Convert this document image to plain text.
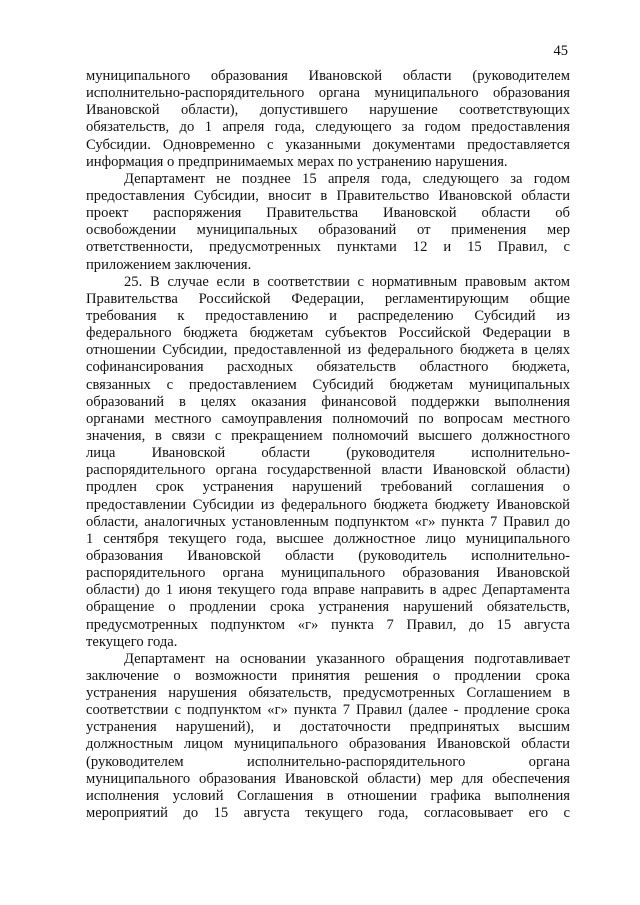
45
муниципального образования Ивановской области (руководителем
исполнительно-распорядительного органа муниципального образования
Ивановской области), допустившего нарушение соответствующих
обязательств, до 1 апреля года, следующего за годом предоставления
Субсидии. Одновременно с указанными документами предоставляется
информация о предпринимаемых мерах по устранению нарушения.
Департамент не позднее 15 апреля года, следующего за годом
предоставления Субсидии, вносит в Правительство Ивановской области
проект распоряжения Правительства Ивановской области об
освобождении муниципальных образований от применения мер
ответственности, предусмотренных пунктами 12 и 15 Правил, с
приложением заключения.
25. В случае если в соответствии с нормативным правовым актом
Правительства Российской Федерации, регламентирующим общие
требования к предоставлению и распределению Субсидий из
федерального бюджета бюджетам субъектов Российской Федерации в
отношении Субсидии, предоставленной из федерального бюджета в целях
софинансирования расходных обязательств областного бюджета,
связанных с предоставлением Субсидий бюджетам муниципальных
образований в целях оказания финансовой поддержки выполнения
органами местного самоуправления полномочий по вопросам местного
значения, в связи с прекращением полномочий высшего должностного
лица Ивановской области (руководителя исполнительно-
распорядительного органа государственной власти Ивановской области)
продлен срок устранения нарушений требований соглашения о
предоставлении Субсидии из федерального бюджета бюджету Ивановской
области, аналогичных установленным подпунктом «г» пункта 7 Правил до
1 сентября текущего года, высшее должностное лицо муниципального
образования Ивановской области (руководитель исполнительно-
распорядительного органа муниципального образования Ивановской
области) до 1 июня текущего года вправе направить в адрес Департамента
обращение о продлении срока устранения нарушений обязательств,
предусмотренных подпунктом «г» пункта 7 Правил, до 15 августа
текущего года.
Департамент на основании указанного обращения подготавливает
заключение о возможности принятия решения о продлении срока
устранения нарушения обязательств, предусмотренных Соглашением в
соответствии с подпунктом «г» пункта 7 Правил (далее - продление срока
устранения нарушений), и достаточности предпринятых высшим
должностным лицом муниципального образования Ивановской области
(руководителем исполнительно-распорядительного органа
муниципального образования Ивановской области) мер для обеспечения
исполнения условий Соглашения в отношении графика выполнения
мероприятий до 15 августа текущего года, согласовывает его с
